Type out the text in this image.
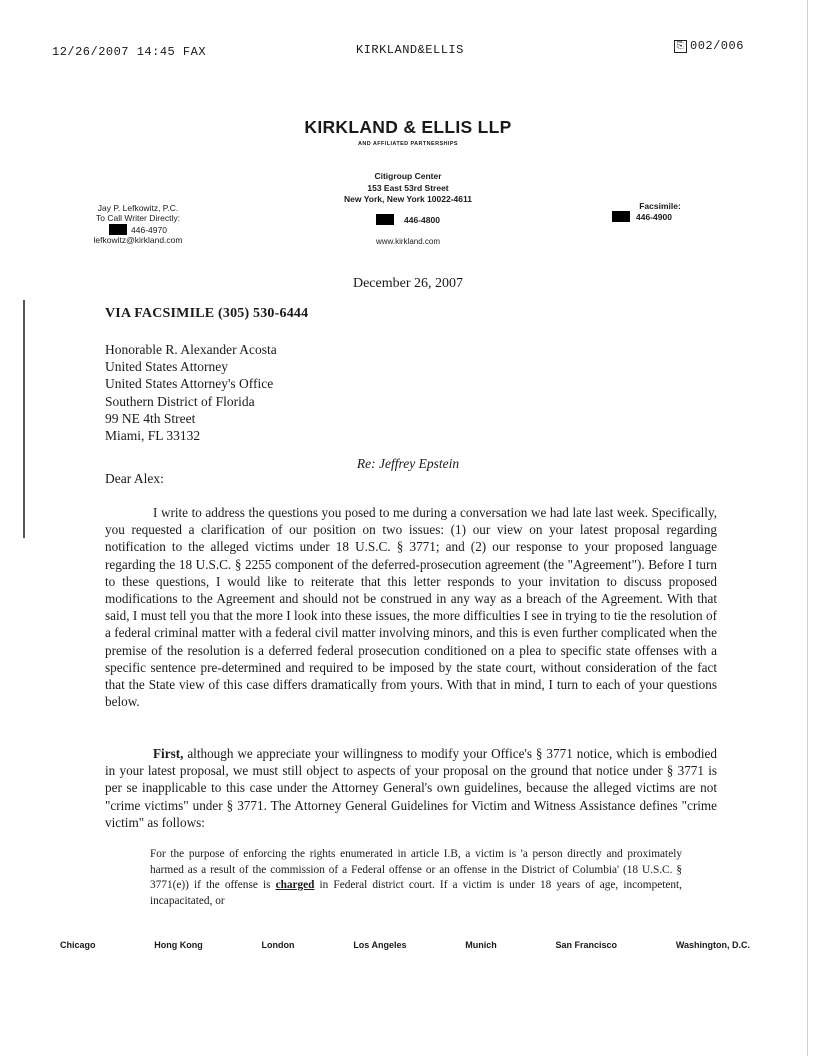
12/26/2007 14:45 FAX	KIRKLAND&ELLIS	⎘ 002/006
KIRKLAND & ELLIS LLP
AND AFFILIATED PARTNERSHIPS
Citigroup Center
153 East 53rd Street
New York, New York 10022-4611
446-4800
www.kirkland.com
Jay P. Lefkowitz, P.C.
To Call Writer Directly:
446-4970
lefkowitz@kirkland.com
Facsimile:
446-4900
December 26, 2007
VIA FACSIMILE (305) 530-6444
Honorable R. Alexander Acosta
United States Attorney
United States Attorney's Office
Southern District of Florida
99 NE 4th Street
Miami, FL 33132
Re: Jeffrey Epstein
Dear Alex:
I write to address the questions you posed to me during a conversation we had late last week. Specifically, you requested a clarification of our position on two issues: (1) our view on your latest proposal regarding notification to the alleged victims under 18 U.S.C. § 3771; and (2) our response to your proposed language regarding the 18 U.S.C. § 2255 component of the deferred-prosecution agreement (the "Agreement"). Before I turn to these questions, I would like to reiterate that this letter responds to your invitation to discuss proposed modifications to the Agreement and should not be construed in any way as a breach of the Agreement. With that said, I must tell you that the more I look into these issues, the more difficulties I see in trying to tie the resolution of a federal criminal matter with a federal civil matter involving minors, and this is even further complicated when the premise of the resolution is a deferred federal prosecution conditioned on a plea to specific state offenses with a specific sentence pre-determined and required to be imposed by the state court, without consideration of the fact that the State view of this case differs dramatically from yours. With that in mind, I turn to each of your questions below.
First, although we appreciate your willingness to modify your Office's § 3771 notice, which is embodied in your latest proposal, we must still object to aspects of your proposal on the ground that notice under § 3771 is per se inapplicable to this case under the Attorney General's own guidelines, because the alleged victims are not "crime victims" under § 3771. The Attorney General Guidelines for Victim and Witness Assistance defines "crime victim" as follows:
For the purpose of enforcing the rights enumerated in article I.B, a victim is 'a person directly and proximately harmed as a result of the commission of a Federal offense or an offense in the District of Columbia' (18 U.S.C. § 3771(e)) if the offense is charged in Federal district court. If a victim is under 18 years of age, incompetent, incapacitated, or
Chicago	Hong Kong	London	Los Angeles	Munich	San Francisco	Washington, D.C.
